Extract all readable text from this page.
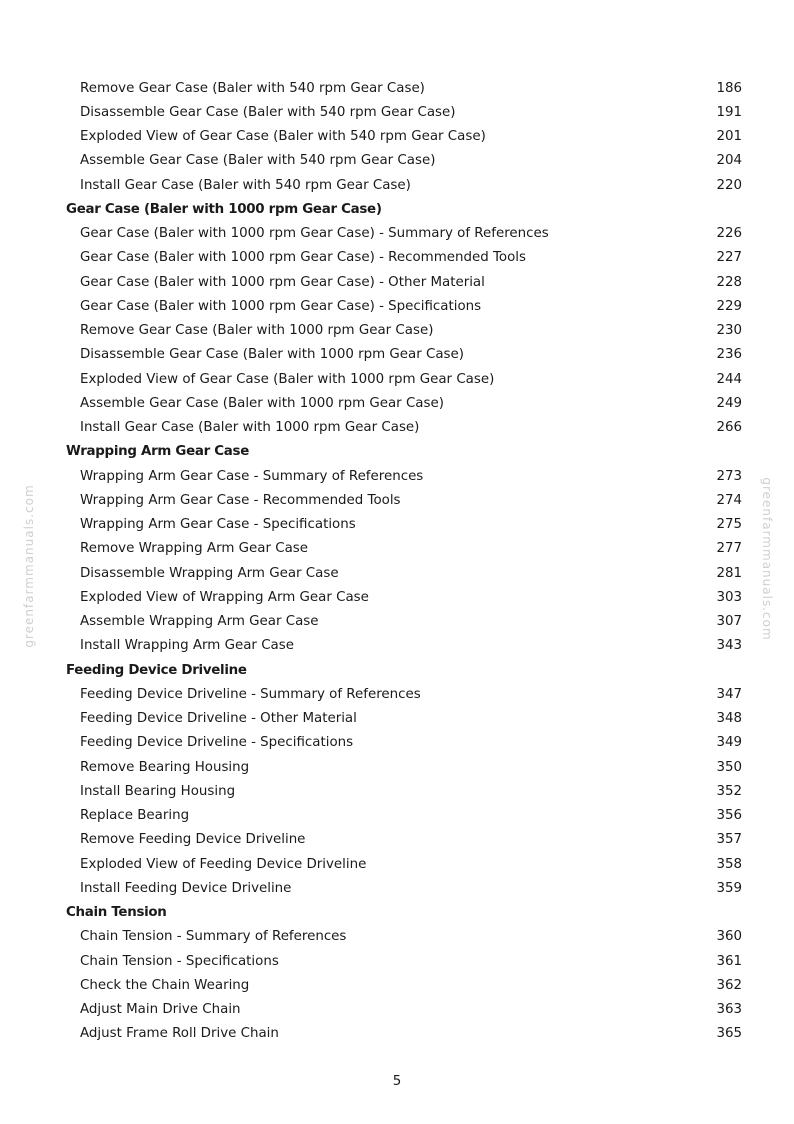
Remove Gear Case (Baler with 540 rpm Gear Case)	186
Disassemble Gear Case (Baler with 540 rpm Gear Case)	191
Exploded View of Gear Case (Baler with 540 rpm Gear Case)	201
Assemble Gear Case (Baler with 540 rpm Gear Case)	204
Install Gear Case (Baler with 540 rpm Gear Case)	220
Gear Case (Baler with 1000 rpm Gear Case)
Gear Case (Baler with 1000 rpm Gear Case) - Summary of References	226
Gear Case (Baler with 1000 rpm Gear Case) - Recommended Tools	227
Gear Case (Baler with 1000 rpm Gear Case) - Other Material	228
Gear Case (Baler with 1000 rpm Gear Case) - Specifications	229
Remove Gear Case (Baler with 1000 rpm Gear Case)	230
Disassemble Gear Case (Baler with 1000 rpm Gear Case)	236
Exploded View of Gear Case (Baler with 1000 rpm Gear Case)	244
Assemble Gear Case (Baler with 1000 rpm Gear Case)	249
Install Gear Case (Baler with 1000 rpm Gear Case)	266
Wrapping Arm Gear Case
Wrapping Arm Gear Case - Summary of References	273
Wrapping Arm Gear Case - Recommended Tools	274
Wrapping Arm Gear Case - Specifications	275
Remove Wrapping Arm Gear Case	277
Disassemble Wrapping Arm Gear Case	281
Exploded View of Wrapping Arm Gear Case	303
Assemble Wrapping Arm Gear Case	307
Install Wrapping Arm Gear Case	343
Feeding Device Driveline
Feeding Device Driveline - Summary of References	347
Feeding Device Driveline - Other Material	348
Feeding Device Driveline - Specifications	349
Remove Bearing Housing	350
Install Bearing Housing	352
Replace Bearing	356
Remove Feeding Device Driveline	357
Exploded View of Feeding Device Driveline	358
Install Feeding Device Driveline	359
Chain Tension
Chain Tension - Summary of References	360
Chain Tension - Specifications	361
Check the Chain Wearing	362
Adjust Main Drive Chain	363
Adjust Frame Roll Drive Chain	365
5
greenfarmmanuals.com	greenfarmmanuals.com
